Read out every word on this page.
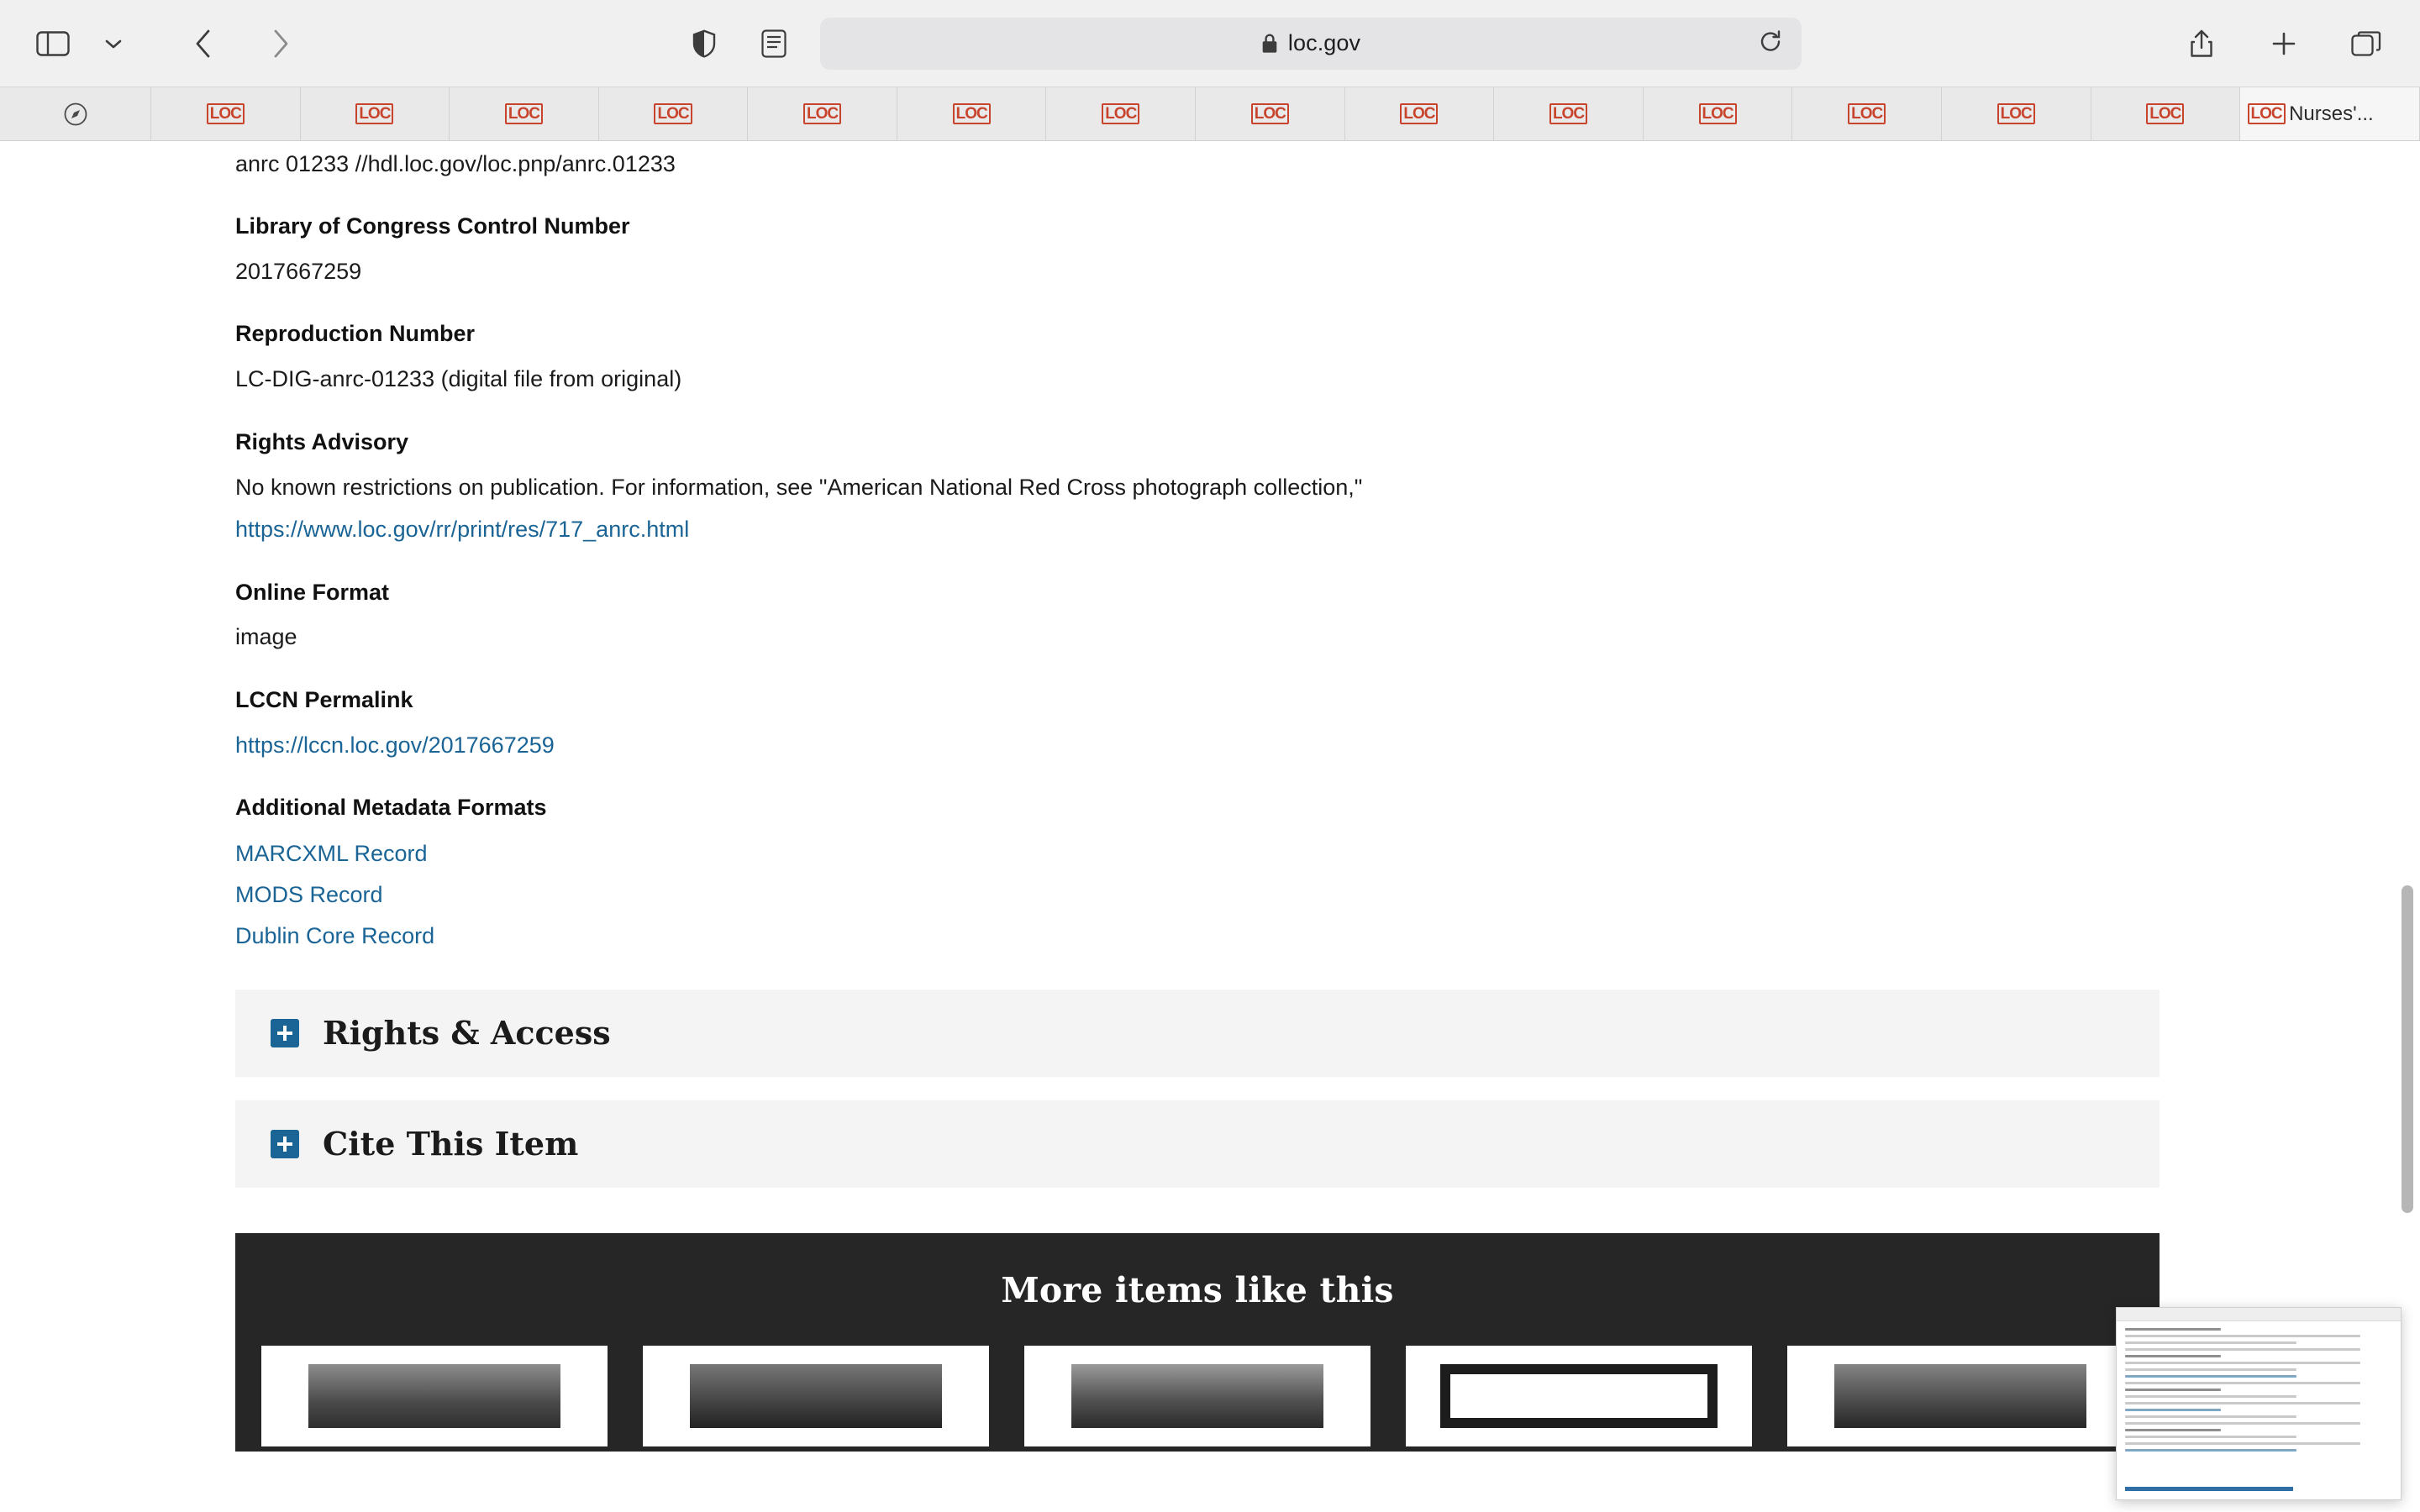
loc.gov
LOC	LOC	LOC	LOC	LOC	LOC	LOC	LOC	LOC	LOC	LOC	LOC	LOC	LOC	LOC Nurses'...
anrc 01233 //hdl.loc.gov/loc.pnp/anrc.01233
Library of Congress Control Number
2017667259
Reproduction Number
LC-DIG-anrc-01233 (digital file from original)
Rights Advisory
No known restrictions on publication. For information, see "American National Red Cross photograph collection,"
https://www.loc.gov/rr/print/res/717_anrc.html
Online Format
image
LCCN Permalink
https://lccn.loc.gov/2017667259
Additional Metadata Formats
MARCXML Record
MODS Record
Dublin Core Record
Rights & Access
Cite This Item
More items like this
